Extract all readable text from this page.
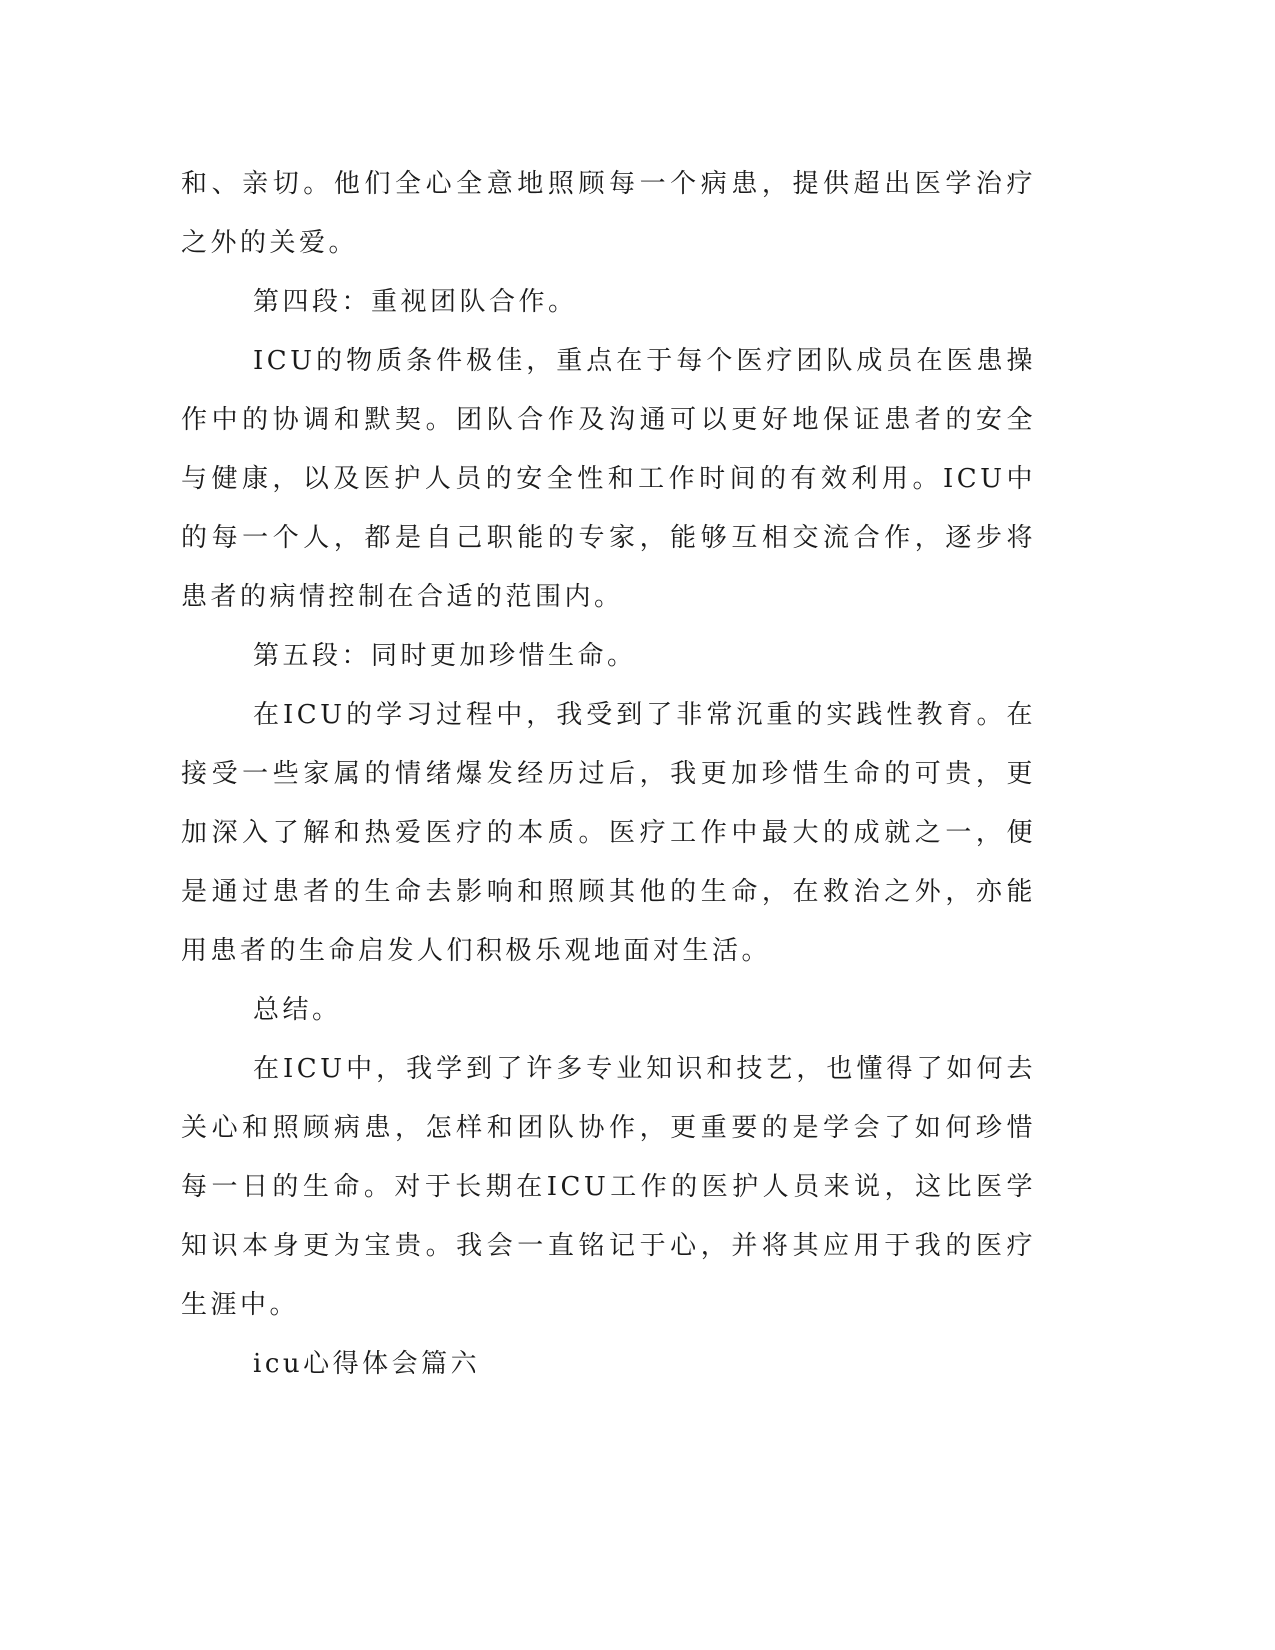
和、亲切。他们全心全意地照顾每一个病患，提供超出医学治疗之外的关爱。

第四段：重视团队合作。

ICU的物质条件极佳，重点在于每个医疗团队成员在医患操作中的协调和默契。团队合作及沟通可以更好地保证患者的安全与健康，以及医护人员的安全性和工作时间的有效利用。ICU中的每一个人，都是自己职能的专家，能够互相交流合作，逐步将患者的病情控制在合适的范围内。

第五段：同时更加珍惜生命。

在ICU的学习过程中，我受到了非常沉重的实践性教育。在接受一些家属的情绪爆发经历过后，我更加珍惜生命的可贵，更加深入了解和热爱医疗的本质。医疗工作中最大的成就之一，便是通过患者的生命去影响和照顾其他的生命，在救治之外，亦能用患者的生命启发人们积极乐观地面对生活。

总结。

在ICU中，我学到了许多专业知识和技艺，也懂得了如何去关心和照顾病患，怎样和团队协作，更重要的是学会了如何珍惜每一日的生命。对于长期在ICU工作的医护人员来说，这比医学知识本身更为宝贵。我会一直铭记于心，并将其应用于我的医疗生涯中。

icu心得体会篇六
